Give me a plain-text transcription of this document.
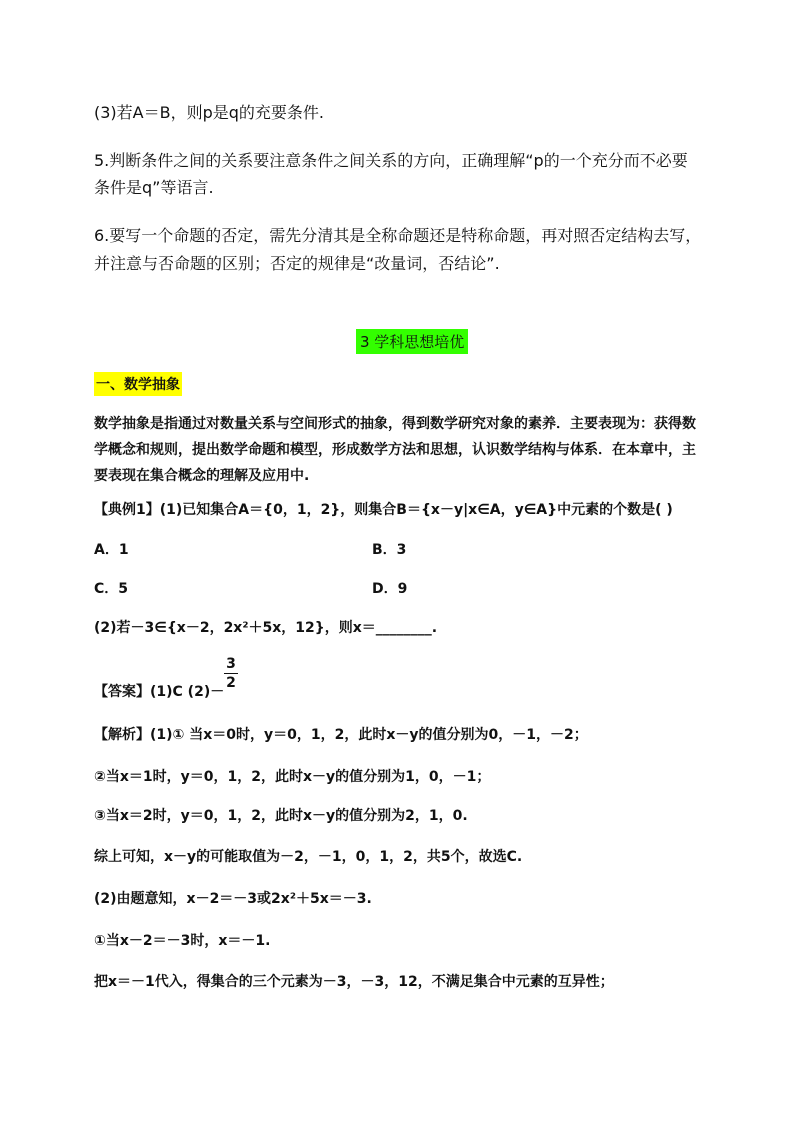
(3)若A＝B，则p是q的充要条件.
5.判断条件之间的关系要注意条件之间关系的方向，正确理解“p的一个充分而不必要
条件是q”等语言.
6.要写一个命题的否定，需先分清其是全称命题还是特称命题，再对照否定结构去写，
并注意与否命题的区别；否定的规律是“改量词，否结论”.
3 学科思想培优
一、数学抽象
数学抽象是指通过对数量关系与空间形式的抽象，得到数学研究对象的素养．主要表现为：获得数
学概念和规则，提出数学命题和模型，形成数学方法和思想，认识数学结构与体系．在本章中，主
要表现在集合概念的理解及应用中.
【典例1】(1)已知集合A＝{0，1，2}，则集合B＝{x－y|x∈A，y∈A}中元素的个数是( )
A．1	B．3
C．5	D．9
(2)若－3∈{x－2，2x²＋5x，12}，则x＝________.
【答案】(1)C (2)－
$\frac{3}{2}$
【解析】(1)① 当x＝0时，y＝0，1，2，此时x－y的值分别为0，－1，－2；
②当x＝1时，y＝0，1，2，此时x－y的值分别为1，0，－1；
③当x＝2时，y＝0，1，2，此时x－y的值分别为2，1，0.
综上可知，x－y的可能取值为－2，－1，0，1，2，共5个，故选C.
(2)由题意知，x－2＝－3或2x²＋5x＝－3.
①当x－2＝－3时，x＝－1.
把x＝－1代入，得集合的三个元素为－3，－3，12，不满足集合中元素的互异性；
